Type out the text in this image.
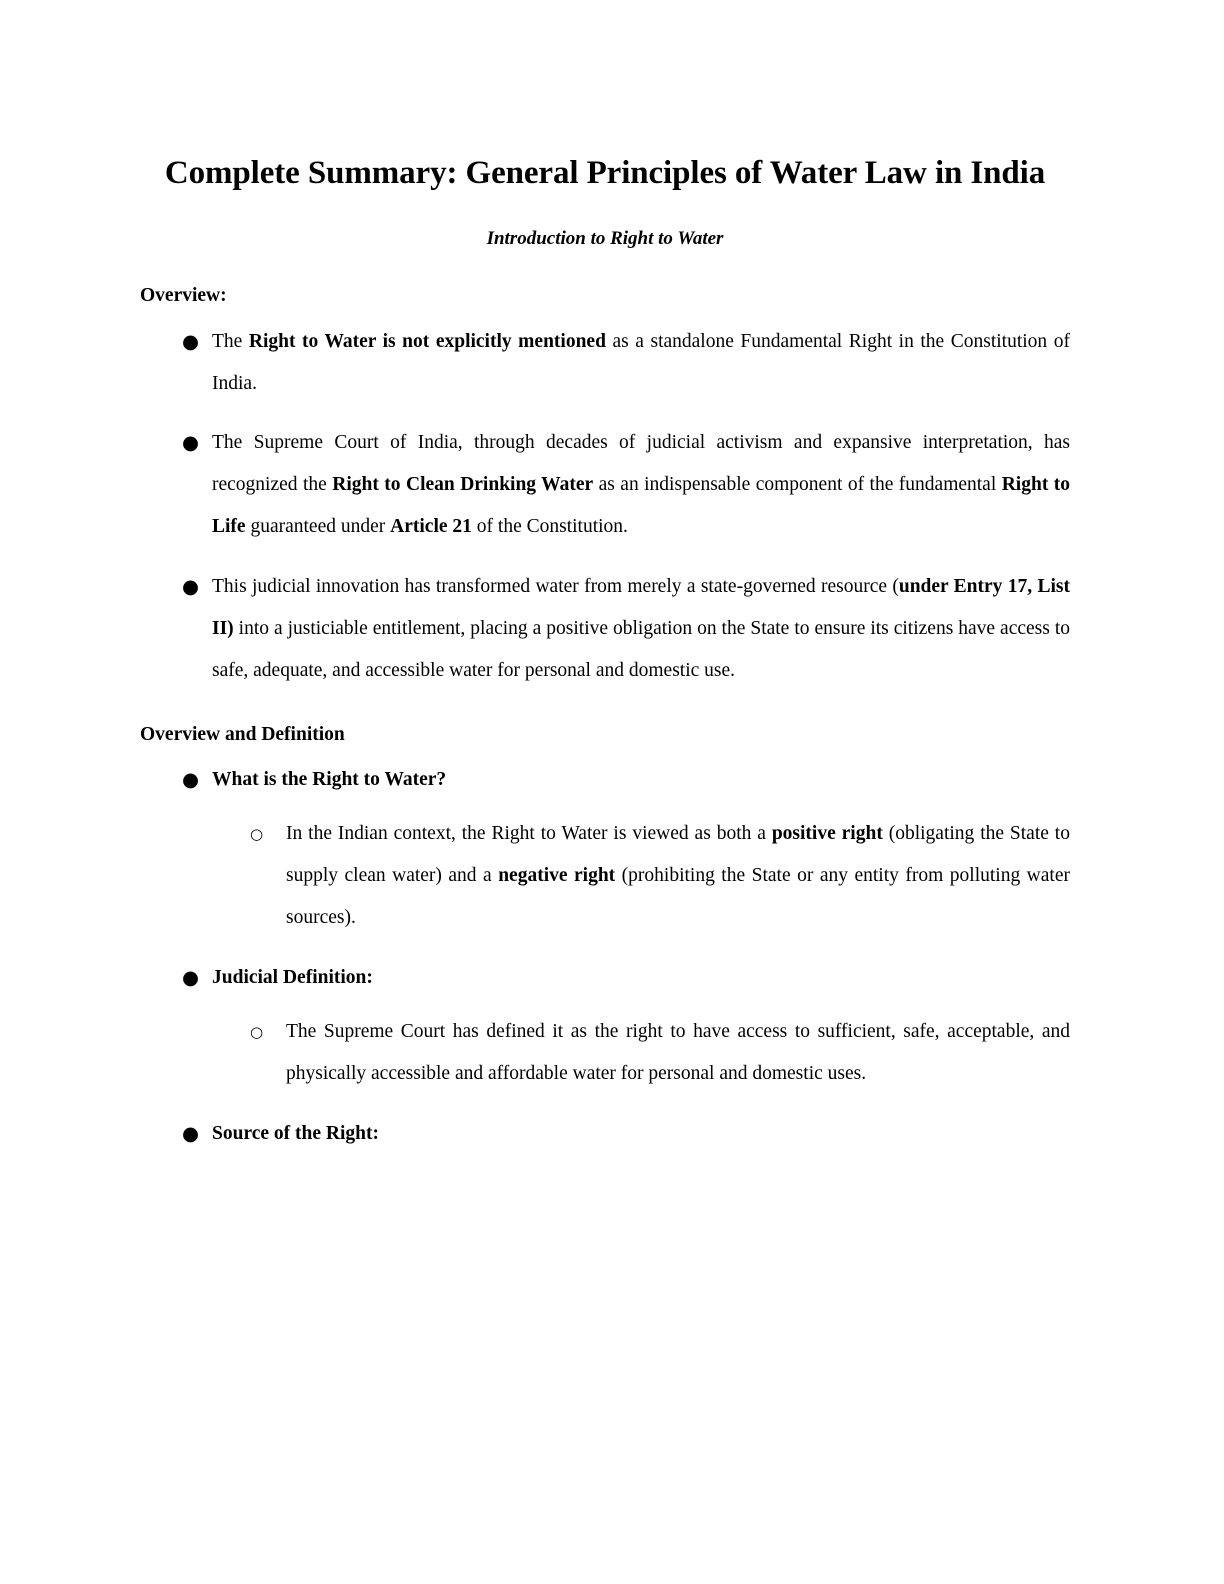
Complete Summary: General Principles of Water Law in India
Introduction to Right to Water
Overview:
● The Right to Water is not explicitly mentioned as a standalone Fundamental Right in the Constitution of India.
● The Supreme Court of India, through decades of judicial activism and expansive interpretation, has recognized the Right to Clean Drinking Water as an indispensable component of the fundamental Right to Life guaranteed under Article 21 of the Constitution.
● This judicial innovation has transformed water from merely a state-governed resource (under Entry 17, List II) into a justiciable entitlement, placing a positive obligation on the State to ensure its citizens have access to safe, adequate, and accessible water for personal and domestic use.
Overview and Definition
● What is the Right to Water?
○ In the Indian context, the Right to Water is viewed as both a positive right (obligating the State to supply clean water) and a negative right (prohibiting the State or any entity from polluting water sources).
● Judicial Definition:
○ The Supreme Court has defined it as the right to have access to sufficient, safe, acceptable, and physically accessible and affordable water for personal and domestic uses.
● Source of the Right:
